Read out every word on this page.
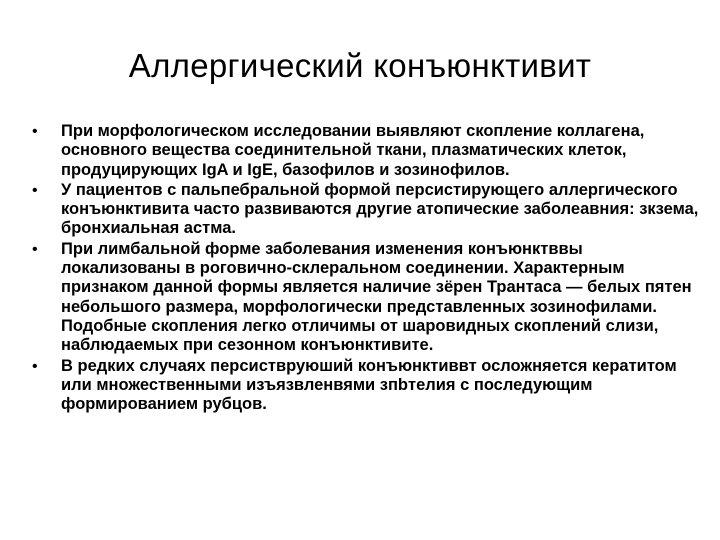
Аллергический конъюнктивит
• При морфологическом исследовании выявляют скопление коллагена, основного вещества соединительной ткани, плазматических клеток, продуцирующих IgA и IgE, базофилов и зозинофилов.
• У пациентов с пальпебральной формой персистирующего аллергического конъюнктивита часто развиваются другие атопические заболеавния: зкзема, бронхиальная астма.
• При лимбальной форме заболевания изменения конъюнктввы локализованы в роговично-склеральном соединении. Характерным признаком данной формы является наличие зёрен Трантаса — белых пятен небольшого размера, морфологически представленных зозинофилами. Подобные скопления легко отличимы от шаровидных скоплений слизи, наблюдаемых при сезонном конъюнктивите.
• В редких случаях персиствруюший конъюнктиввт осложняется кератитом или множественными изъязвленвями зпbтелия с последующим формированием рубцов.
